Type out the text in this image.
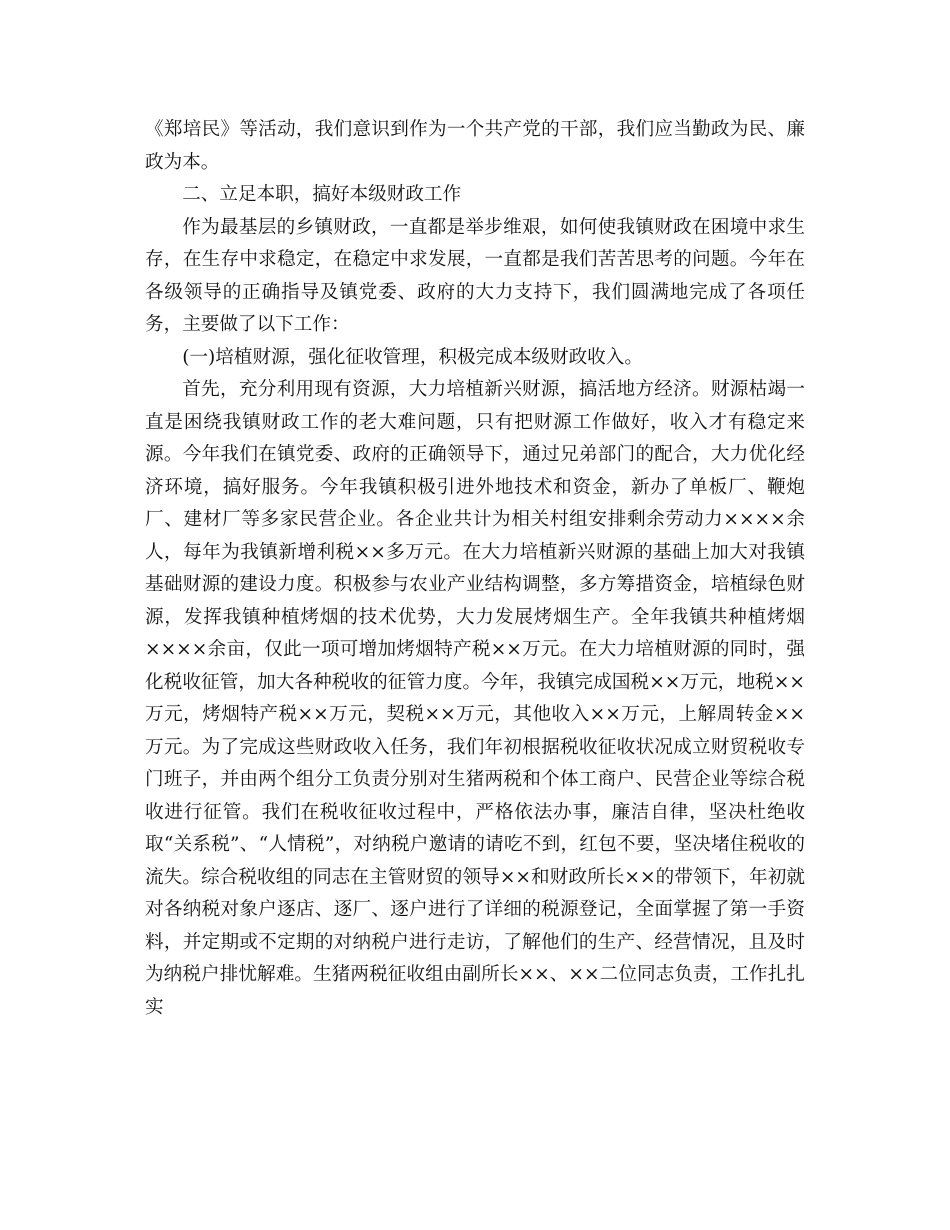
《郑培民》等活动，我们意识到作为一个共产党的干部，我们应当勤政为民、廉政为本。

二、立足本职，搞好本级财政工作

作为最基层的乡镇财政，一直都是举步维艰，如何使我镇财政在困境中求生存，在生存中求稳定，在稳定中求发展，一直都是我们苦苦思考的问题。今年在各级领导的正确指导及镇党委、政府的大力支持下，我们圆满地完成了各项任务，主要做了以下工作：

(一)培植财源，强化征收管理，积极完成本级财政收入。

首先，充分利用现有资源，大力培植新兴财源，搞活地方经济。财源枯竭一直是困绕我镇财政工作的老大难问题，只有把财源工作做好，收入才有稳定来源。今年我们在镇党委、政府的正确领导下，通过兄弟部门的配合，大力优化经济环境，搞好服务。今年我镇积极引进外地技术和资金，新办了单板厂、鞭炮厂、建材厂等多家民营企业。各企业共计为相关村组安排剩余劳动力××××余人，每年为我镇新增利税××多万元。在大力培植新兴财源的基础上加大对我镇基础财源的建设力度。积极参与农业产业结构调整，多方筹措资金，培植绿色财源，发挥我镇种植烤烟的技术优势，大力发展烤烟生产。全年我镇共种植烤烟××××余亩，仅此一项可增加烤烟特产税××万元。在大力培植财源的同时，强化税收征管，加大各种税收的征管力度。今年，我镇完成国税××万元，地税××万元，烤烟特产税××万元，契税××万元，其他收入××万元，上解周转金××万元。为了完成这些财政收入任务，我们年初根据税收征收状况成立财贸税收专门班子，并由两个组分工负责分别对生猪两税和个体工商户、民营企业等综合税收进行征管。我们在税收征收过程中，严格依法办事，廉洁自律，坚决杜绝收取“关系税”、“人情税”，对纳税户邀请的请吃不到，红包不要，坚决堵住税收的流失。综合税收组的同志在主管财贸的领导××和财政所长××的带领下，年初就对各纳税对象户逐店、逐厂、逐户进行了详细的税源登记，全面掌握了第一手资料，并定期或不定期的对纳税户进行走访，了解他们的生产、经营情况，且及时为纳税户排忧解难。生猪两税征收组由副所长××、××二位同志负责，工作扎扎实
